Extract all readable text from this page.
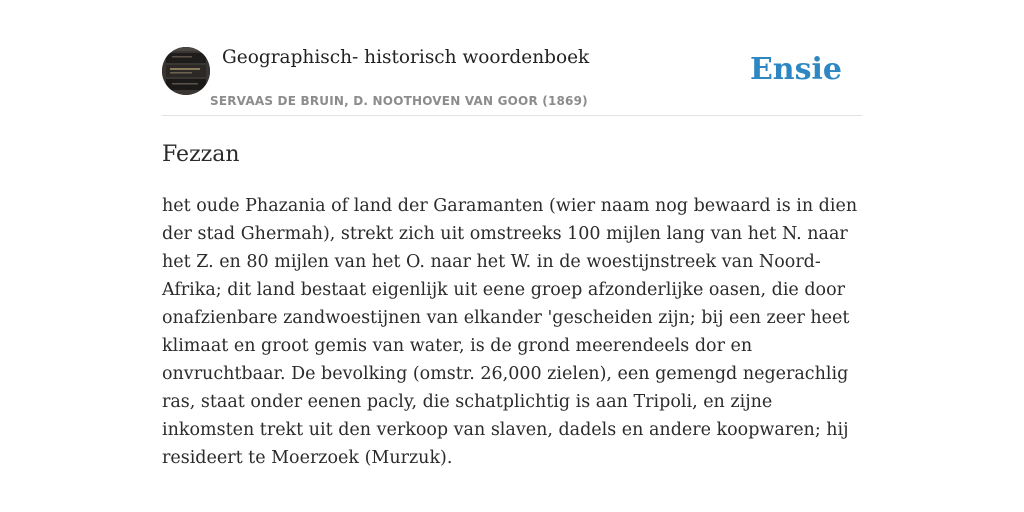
Geographisch- historisch woordenboek
SERVAAS DE BRUIN, D. NOOTHOVEN VAN GOOR (1869)
Ensie
Fezzan

het oude Phazania of land der Garamanten (wier naam nog bewaard is in dien der stad Ghermah), strekt zich uit omstreeks 100 mijlen lang van het N. naar het Z. en 80 mijlen van het O. naar het W. in de woestijnstreek van Noord-Afrika; dit land bestaat eigenlijk uit eene groep afzonderlijke oasen, die door onafzienbare zandwoestijnen van elkander 'gescheiden zijn; bij een zeer heet klimaat en groot gemis van water, is de grond meerendeels dor en onvruchtbaar. De bevolking (omstr. 26,000 zielen), een gemengd negerachlig ras, staat onder eenen pacly, die schatplichtig is aan Tripoli, en zijne inkomsten trekt uit den verkoop van slaven, dadels en andere koopwaren; hij resideert te Moerzoek (Murzuk).
